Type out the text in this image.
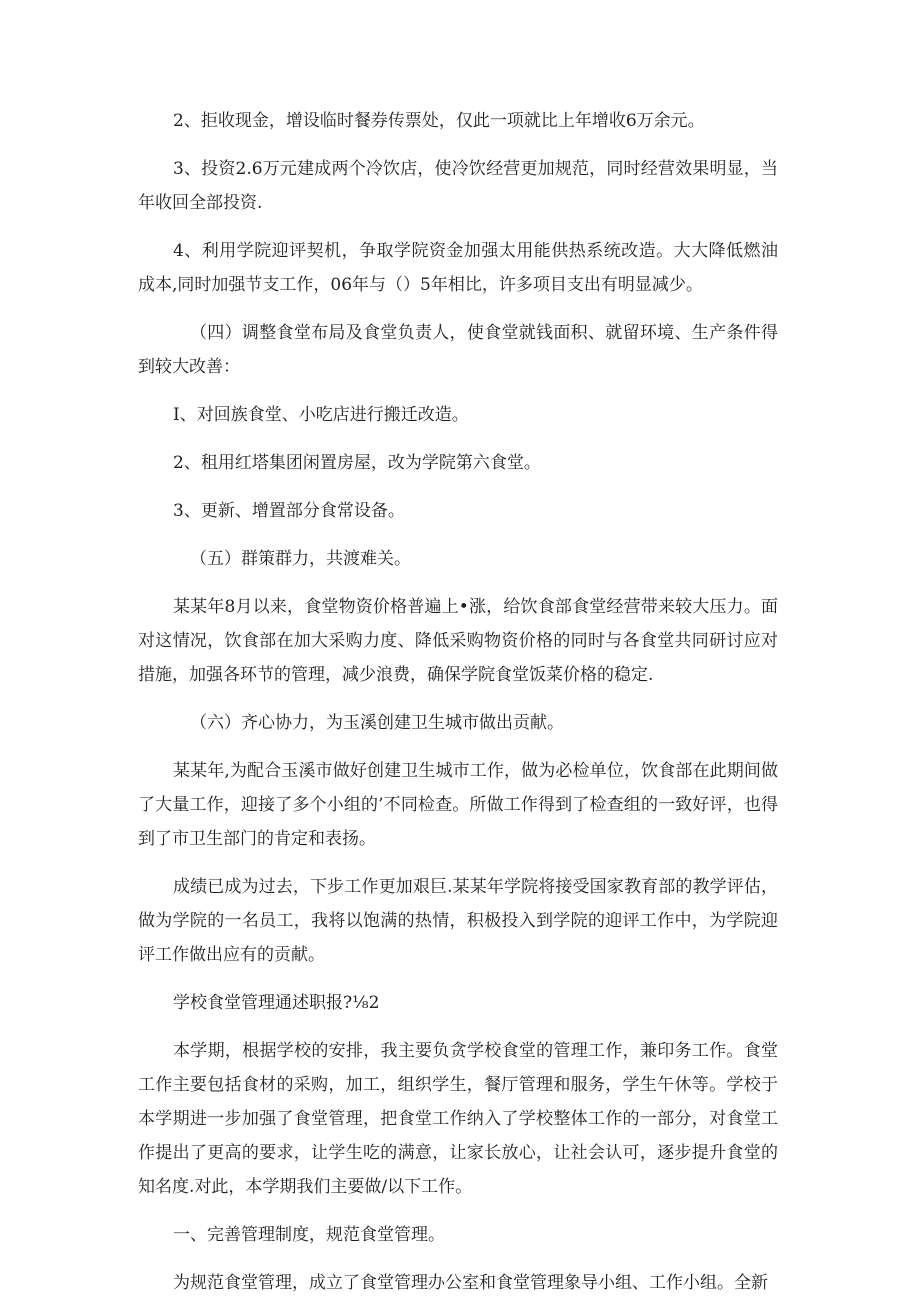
2、拒收现金，增设临时餐券传票处，仅此一项就比上年增收6万余元。

3、投资2.6万元建成两个冷饮店，使冷饮经营更加规范，同时经营效果明显，当年收回全部投资.

4、利用学院迎评契机，争取学院资金加强太用能供热系统改造。大大降低燃油成本,同时加强节支工作，06年与（）5年相比，许多项目支出有明显减少。

（四）调整食堂布局及食堂负责人，使食堂就钱面积、就留环境、生产条件得到较大改善：

I、对回族食堂、小吃店进行搬迁改造。

2、租用红塔集团闲置房屋，改为学院第六食堂。

3、更新、增置部分食常设备。

（五）群策群力，共渡难关。

某某年8月以来，食堂物资价格普遍上•涨，给饮食部食堂经营带来较大压力。面对这情况，饮食部在加大采购力度、降低采购物资价格的同时与各食堂共同研讨应对措施，加强各环节的管理，减少浪费，确保学院食堂饭菜价格的稳定.

（六）齐心协力，为玉溪创建卫生城市做出贡献。

某某年,为配合玉溪市做好创建卫生城市工作，做为必检单位，饮食部在此期间做了大量工作，迎接了多个小组的’不同检查。所做工作得到了检查组的一致好评，也得到了市卫生部门的肯定和表扬。

成绩已成为过去，下步工作更加艰巨.某某年学院将接受国家教育部的教学评估，做为学院的一名员工，我将以饱满的热情，积极投入到学院的迎评工作中，为学院迎评工作做出应有的贡献。

学校食堂管理通述职报?⅛2

本学期，根据学校的安排，我主要负贪学校食堂的管理工作，兼印务工作。食堂工作主要包括食材的采购，加工，组织学生，餐厅管理和服务，学生午休等。学校于本学期进一步加强了食堂管理，把食堂工作纳入了学校整体工作的一部分，对食堂工作提出了更高的要求，让学生吃的满意，让家长放心，让社会认可，逐步提升食堂的知名度.对此，本学期我们主要做/以下工作。

一、完善管理制度，规范食堂管理。

为规范食堂管理，成立了食堂管理办公室和食堂管理象导小组、工作小组。全新
